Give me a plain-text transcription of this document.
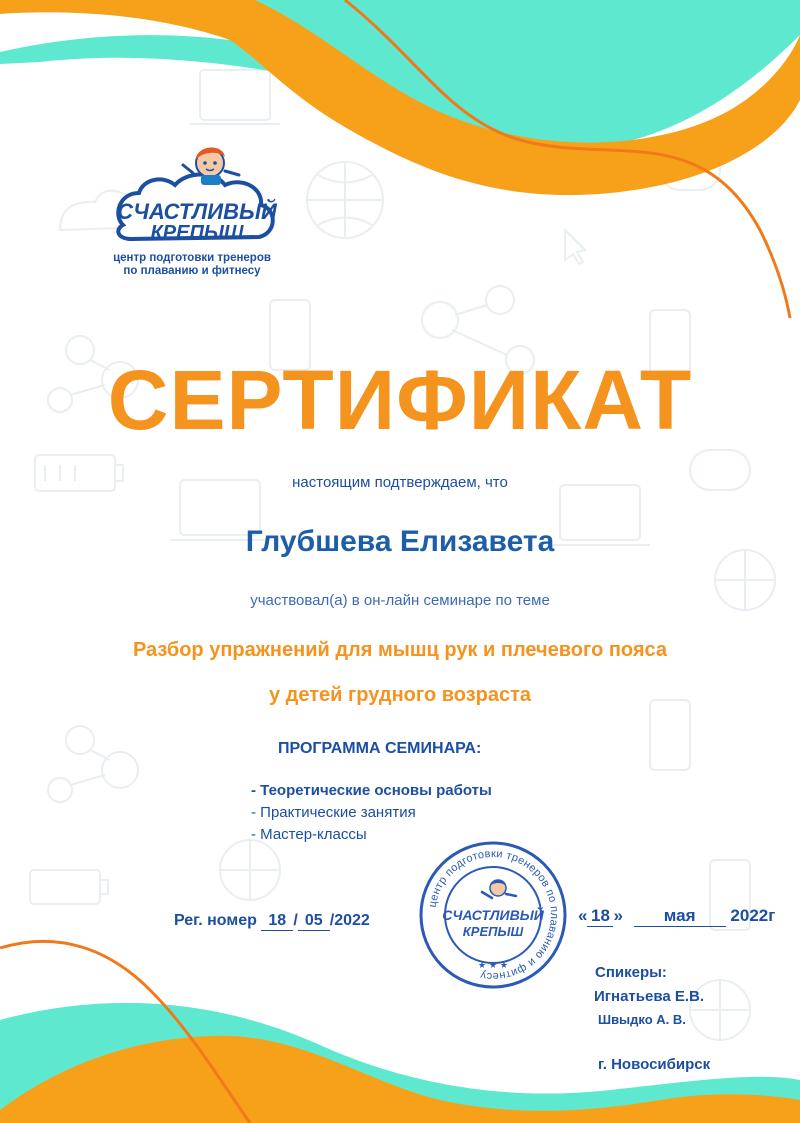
СЧАСТЛИВЫЙ
КРЕПЫШ
центр подготовки тренеров
по плаванию и фитнесу
СЕРТИФИКАТ
настоящим подтверждаем, что
Глубшева Елизавета
участвовал(а) в он-лайн семинаре по теме
Разбор упражнений для мышц рук и плечевого пояса
у детей грудного возраста
ПРОГРАММА СЕМИНАРА:
- Теоретические основы работы
- Практические занятия
- Мастер-классы
Рег. номер 18 / 05 /2022
центр подготовки тренеров по плаванию и фитнесу
СЧАСТЛИВЫЙ
КРЕПЫШ
★ ★ ★
« 18 » мая 2022г
Спикеры:
Игнатьева Е.В.
Швыдко А. В.
г. Новосибирск
